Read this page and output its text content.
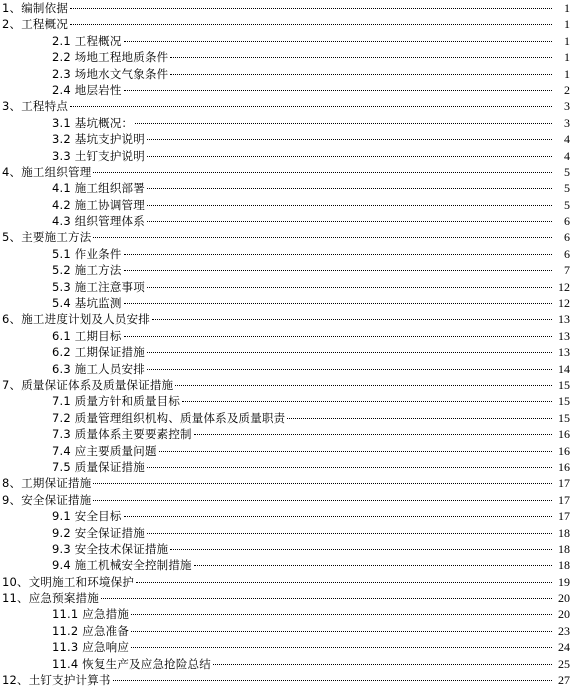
1、编制依据	1
2、工程概况	1
2.1 工程概况	1
2.2 场地工程地质条件	1
2.3 场地水文气象条件	1
2.4 地层岩性	2
3、工程特点	3
3.1 基坑概况：	3
3.2 基坑支护说明	4
3.3 土钉支护说明	4
4、施工组织管理	5
4.1 施工组织部署	5
4.2 施工协调管理	5
4.3 组织管理体系	6
5、主要施工方法	6
5.1 作业条件	6
5.2 施工方法	7
5.3 施工注意事项	12
5.4 基坑监测	12
6、施工进度计划及人员安排	13
6.1 工期目标	13
6.2 工期保证措施	13
6.3 施工人员安排	14
7、质量保证体系及质量保证措施	15
7.1 质量方针和质量目标	15
7.2 质量管理组织机构、质量体系及质量职责	15
7.3 质量体系主要要素控制	16
7.4 应主要质量问题	16
7.5 质量保证措施	16
8、工期保证措施	17
9、安全保证措施	17
9.1 安全目标	17
9.2 安全保证措施	18
9.3 安全技术保证措施	18
9.4 施工机械安全控制措施	18
10、文明施工和环境保护	19
11、应急预案措施	20
11.1 应急措施	20
11.2 应急准备	23
11.3 应急响应	24
11.4 恢复生产及应急抢险总结	25
12、土钉支护计算书	27
